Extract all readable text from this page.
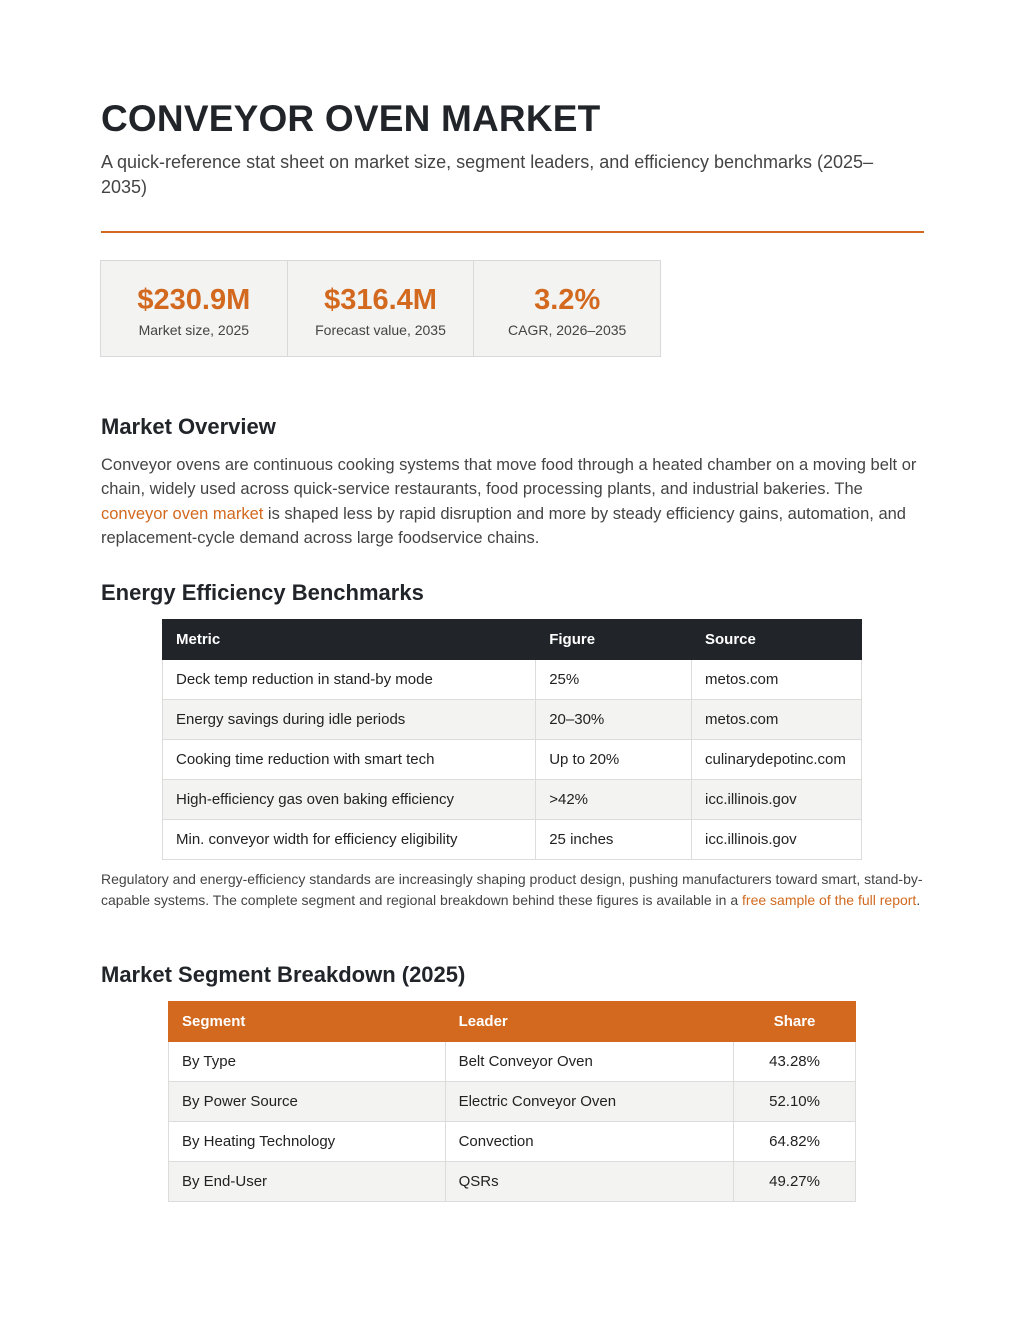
CONVEYOR OVEN MARKET

A quick-reference stat sheet on market size, segment leaders, and efficiency benchmarks (2025–2035)

$230.9M
Market size, 2025
$316.4M
Forecast value, 2035
3.2%
CAGR, 2026–2035
Market Overview

Conveyor ovens are continuous cooking systems that move food through a heated chamber on a moving belt or chain, widely used across quick-service restaurants, food processing plants, and industrial bakeries. The conveyor oven market is shaped less by rapid disruption and more by steady efficiency gains, automation, and replacement-cycle demand across large foodservice chains.

Energy Efficiency Benchmarks
Metric	Figure	Source
Deck temp reduction in stand-by mode	25%	metos.com
Energy savings during idle periods	20–30%	metos.com
Cooking time reduction with smart tech	Up to 20%	culinarydepotinc.com
High-efficiency gas oven baking efficiency	>42%	icc.illinois.gov
Min. conveyor width for efficiency eligibility	25 inches	icc.illinois.gov

Regulatory and energy-efficiency standards are increasingly shaping product design, pushing manufacturers toward smart, stand-by-capable systems. The complete segment and regional breakdown behind these figures is available in a free sample of the full report.

Market Segment Breakdown (2025)
Segment	Leader	Share
By Type	Belt Conveyor Oven	43.28%
By Power Source	Electric Conveyor Oven	52.10%
By Heating Technology	Convection	64.82%
By End-User	QSRs	49.27%
